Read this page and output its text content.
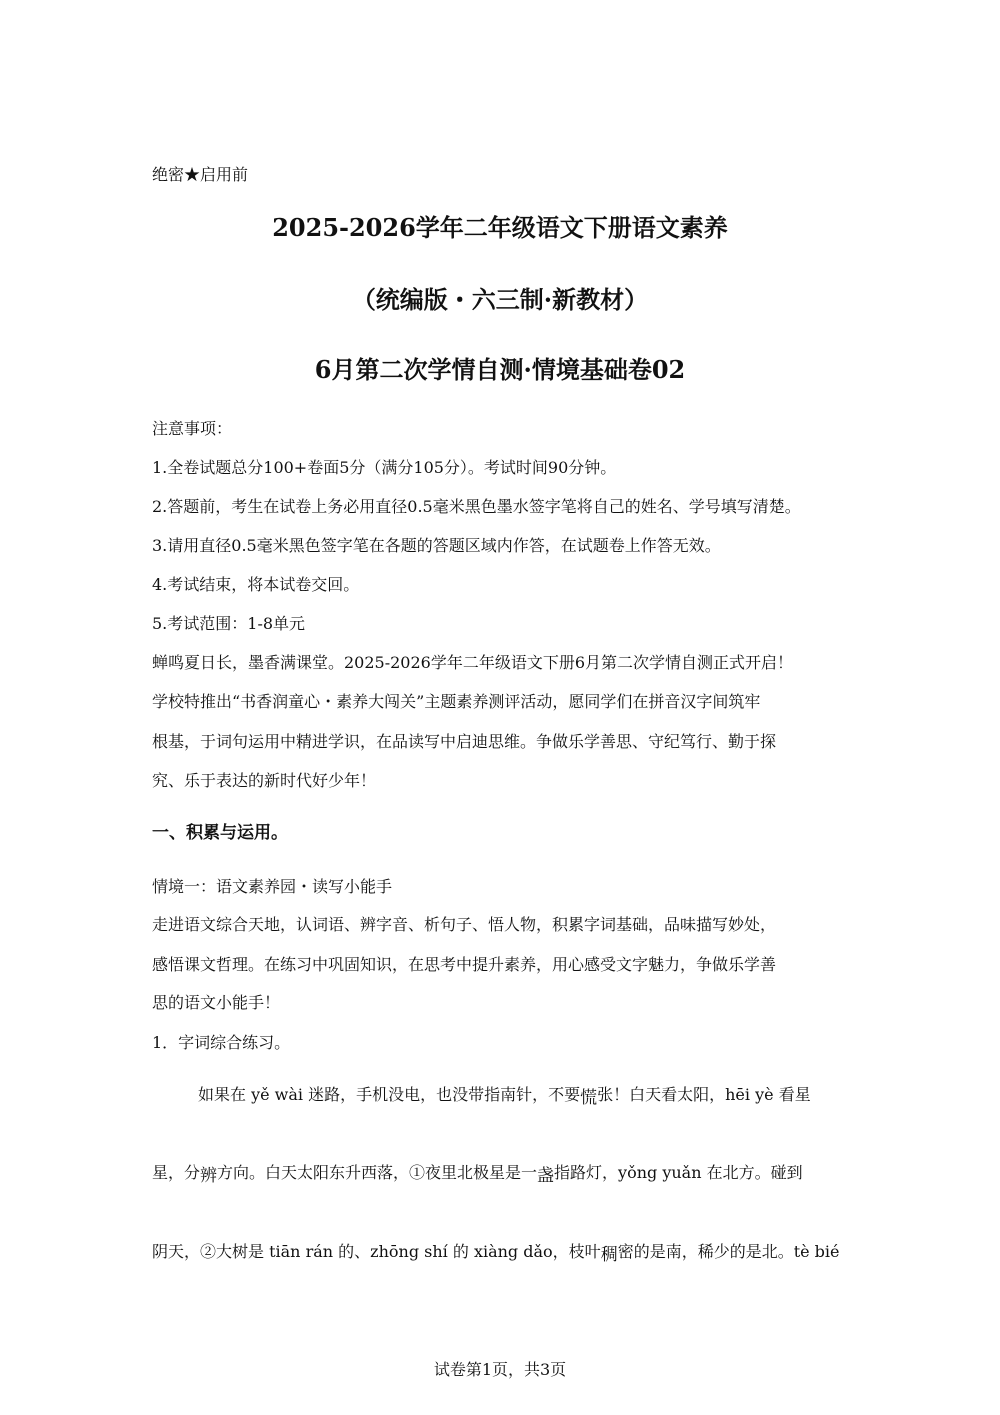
绝密★启用前
2025-2026学年二年级语文下册语文素养
（统编版・六三制·新教材）
6月第二次学情自测·情境基础卷02
注意事项：
1.全卷试题总分100+卷面5分（满分105分）。考试时间90分钟。
2.答题前，考生在试卷上务必用直径0.5毫米黑色墨水签字笔将自己的姓名、学号填写清楚。
3.请用直径0.5毫米黑色签字笔在各题的答题区域内作答，在试题卷上作答无效。
4.考试结束，将本试卷交回。
5.考试范围：1-8单元
蝉鸣夏日长，墨香满课堂。2025-2026学年二年级语文下册6月第二次学情自测正式开启！
学校特推出“书香润童心・素养大闯关”主题素养测评活动，愿同学们在拼音汉字间筑牢
根基，于词句运用中精进学识，在品读写中启迪思维。争做乐学善思、守纪笃行、勤于探
究、乐于表达的新时代好少年！
一、积累与运用。
情境一：语文素养园・读写小能手
走进语文综合天地，认词语、辨字音、析句子、悟人物，积累字词基础，品味描写妙处，
感悟课文哲理。在练习中巩固知识，在思考中提升素养，用心感受文字魅力，争做乐学善
思的语文小能手！
1．字词综合练习。
如果在 yě wài 迷路，手机没电，也没带指南针，不要慌张！白天看太阳，hēi yè 看星
星，分辨方向。白天太阳东升西落，①夜里北极星是一盏指路灯，yǒng yuǎn 在北方。碰到
阴天，②大树是 tiān rán 的、zhōng shí 的 xiàng dǎo，枝叶稠密的是南，稀少的是北。tè bié
试卷第1页，共3页
